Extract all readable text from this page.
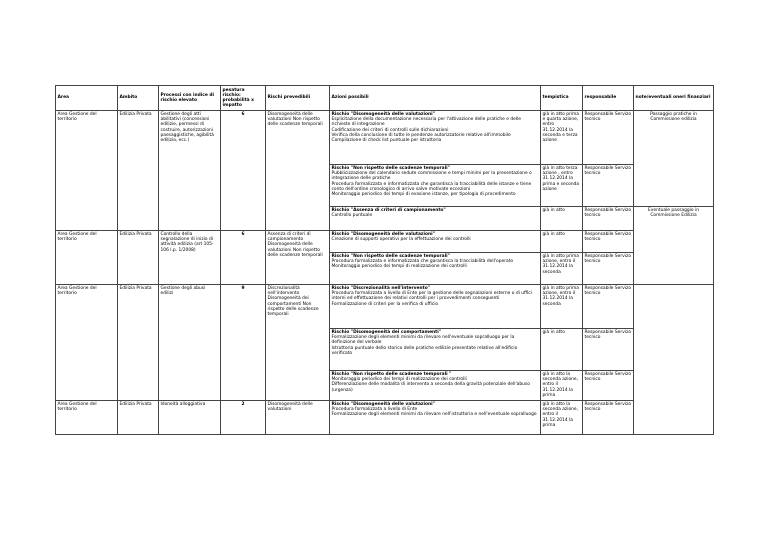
Area	Ambito	Processi con indice di rischio elevato	pesatura rischio: probabilità x impatto	Rischi prevedibili	Azioni possibili	tempistica	responsabile	note/eventuali oneri finanziari
Area Gestione del territorio	Edilizia Privata	Gestione degli atti abilitativi (concessioni edilizie, permessi di costruire, autorizzazioni paesaggistiche, agibilità edilizia, ecc.)	6	Disomogeneità delle valutazioni Non rispetto delle scadenze temporali	Rischio "Disomogeneità delle valutazioni"
Esplicitazione della documentazione necessaria per l'attivazione delle pratiche e delle richieste di integrazione
Codificazione dei criteri di controlli sulle dichiarazioni
Verifica della conclusione di tutte le pendenze autorizzatorie relative all'immobile
Compilazione di check list puntuale per istruttoria	già in atto prima e quarta azione, entro 31.12.2014 la seconda e terza azione	Responsabile Servizo tecnico	Passaggio pratiche in Commissione edilizia

					Rischio "Non rispetto delle scadenze temporali"
Pubblicizzazione del calendario sedute commissione e tempi minimi per la presentazione o integrazione delle pratiche
Procedura formalizzata e informatizzata che garantisca la tracciabilità delle istanze e tiene conto dell'ordine cronologico di arrivo salve motivate eccezioni
Monitoraggio periodico dei tempi di evasione istanze, per tipologia di procedimento	già in atto terza azione , entro 31.12.2014 la prima e seconda azione	Responsabile Servizo tecnico	

					Rischio "Assenza di criteri di campionamento"
Controllo puntuale	già in atto	Responsabile Servizo tecnico	Eventuale passaggio in Commissione Edilizia
Area Gestione del territorio	Edilizia Privata	Controllo della segnalazione di inizio di attività edilizia (art 105-106 l.p. 1/2008)	6	Assenza di criteri di campionamento Disomogeneità delle valutazioni Non rispetto delle scadenze temporali	Rischio "Disomogeneità delle valutazioni"
Creazione di supporti operativi per la effettuazione dei controlli	già in atto	Responsabile Servizo tecnico	

					Rischio "Non rispetto delle scadenze temporali"
Procedura formalizzata e informatizzata che garantisca la tracciabilità dell'operato
Monitoraggio periodico dei tempi di realizzazione dei controlli	già in atto prima azione, entro il 31.12.2014 la seconda	Responsabile Servizo tecnico	
Area Gestione del territorio	Edilizia Privata	Gestione degli abusi edilizi	9	Discrezionalità nell'intervento Disomogeneità dei comportamenti Non rispetto delle scadenze temporali	Rischio "Discrezionalità nell'intervento"
Procedura formalizzata a livello di Ente per la gestione delle segnalazioni esterne o di uffici interni ed effettuazione dei relativi controlli per i provvedimenti conseguenti
Formalizzazione di criteri per la verifica di ufficio	già in atto prima azione, entro il 31.12.2014 la seconda	Responsabile Servizo tecnico	

					Rischio "Disomogeneità dei comportamenti"
Formalizzazione degli elementi minimi da rilevare nell'eventuale sopralluogo per la definizione del verbale
Istruttoria puntuale dello storico delle pratiche edilizie presentate relative all'edificio verificato	già in atto	Responsabile Servizo tecnico	

					Rischio "Non rispetto delle scadenze temporali "
Monitoraggio periodico dei tempi di realizzazione dei controlli
Differenziazione delle modalità di intervento a seconda della gravità potenziale dell'abuso (urgenza)	già in atto la seconda azione, entro il 31.12.2014 la prima	Responsabile Servizo tecnico	
Area Gestione del territorio	Edilizia Privata	Idoneità alloggiativa	2	Disomogeneità delle valutazioni	Rischio "Disomogeneità delle valutazioni"
Procedura formalizzata a livello di Ente
Formalizzazione degli elementi minimi da rilevare nell'istruttoria e nell'eventuale sopralluogo	già in atto la seconda azione, entro il 31.12.2014 la prima	Responsabile Servizo tecnico	
